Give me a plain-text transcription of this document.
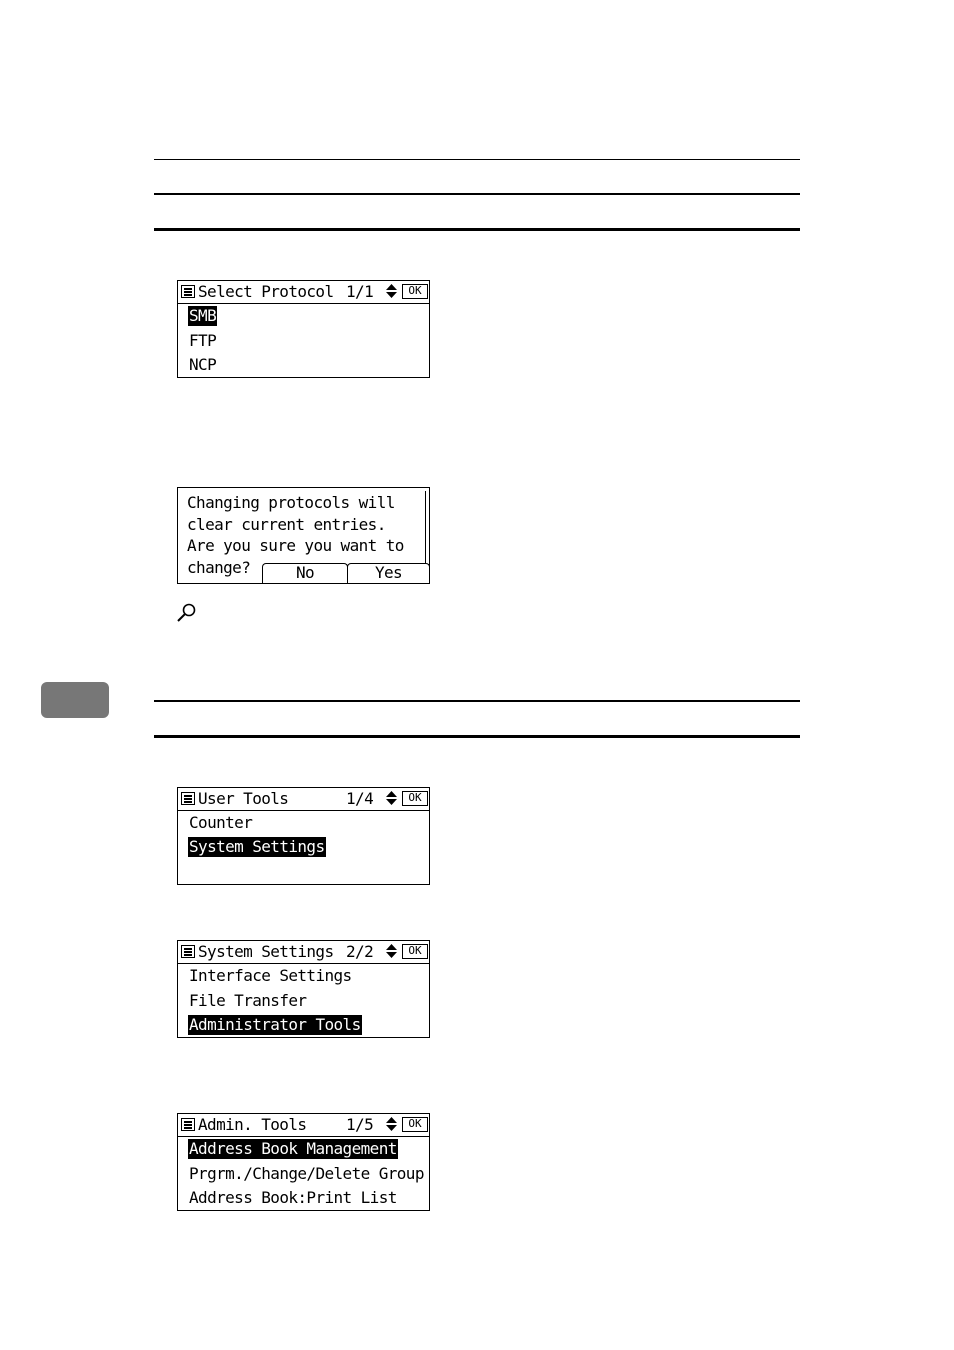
Select Protocol 1/1	OK
SMB
FTP
NCP
Changing protocols will
clear current entries.
Are you sure you want to
change?	No	Yes
User Tools	1/4	OK
Counter
System Settings
System Settings 2/2	OK
Interface Settings
File Transfer
Administrator Tools
Admin. Tools 1/5	OK
Address Book Management
Prgrm./Change/Delete Group
Address Book:Print List
